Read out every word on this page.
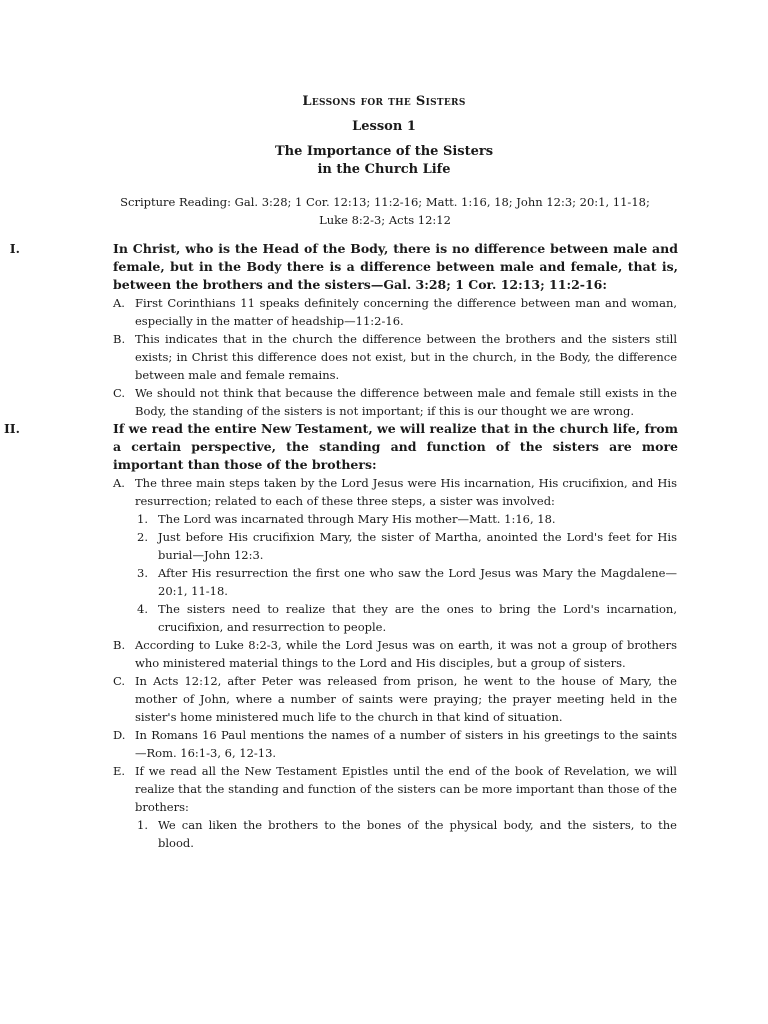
Lessons for the Sisters

Lesson 1

The Importance of the Sisters

in the Church Life

Scripture Reading: Gal. 3:28; 1 Cor. 12:13; 11:2-16; Matt. 1:16, 18; John 12:3; 20:1, 11-18;
Luke 8:2-3; Acts 12:12

I.	In Christ, who is the Head of the Body, there is no difference between male and female, but in the Body there is a difference between male and female, that is, between the brothers and the sisters—Gal. 3:28; 1 Cor. 12:13; 11:2-16:

A. First Corinthians 11 speaks definitely concerning the difference between man and woman, especially in the matter of headship—11:2-16.

B. This indicates that in the church the difference between the brothers and the sisters still exists; in Christ this difference does not exist, but in the church, in the Body, the difference between male and female remains.

C. We should not think that because the difference between male and female still exists in the Body, the standing of the sisters is not important; if this is our thought we are wrong.

II.	If we read the entire New Testament, we will realize that in the church life, from a certain perspective, the standing and function of the sisters are more important than those of the brothers:

A. The three main steps taken by the Lord Jesus were His incarnation, His crucifixion, and His resurrection; related to each of these three steps, a sister was involved:

1. The Lord was incarnated through Mary His mother—Matt. 1:16, 18.

2. Just before His crucifixion Mary, the sister of Martha, anointed the Lord's feet for His burial—John 12:3.

3. After His resurrection the first one who saw the Lord Jesus was Mary the Magdalene—20:1, 11-18.

4. The sisters need to realize that they are the ones to bring the Lord's incarnation, crucifixion, and resurrection to people.

B. According to Luke 8:2-3, while the Lord Jesus was on earth, it was not a group of brothers who ministered material things to the Lord and His disciples, but a group of sisters.

C. In Acts 12:12, after Peter was released from prison, he went to the house of Mary, the mother of John, where a number of saints were praying; the prayer meeting held in the sister's home ministered much life to the church in that kind of situation.

D. In Romans 16 Paul mentions the names of a number of sisters in his greetings to the saints—Rom. 16:1-3, 6, 12-13.

E. If we read all the New Testament Epistles until the end of the book of Revelation, we will realize that the standing and function of the sisters can be more important than those of the brothers:

1. We can liken the brothers to the bones of the physical body, and the sisters, to the blood.
